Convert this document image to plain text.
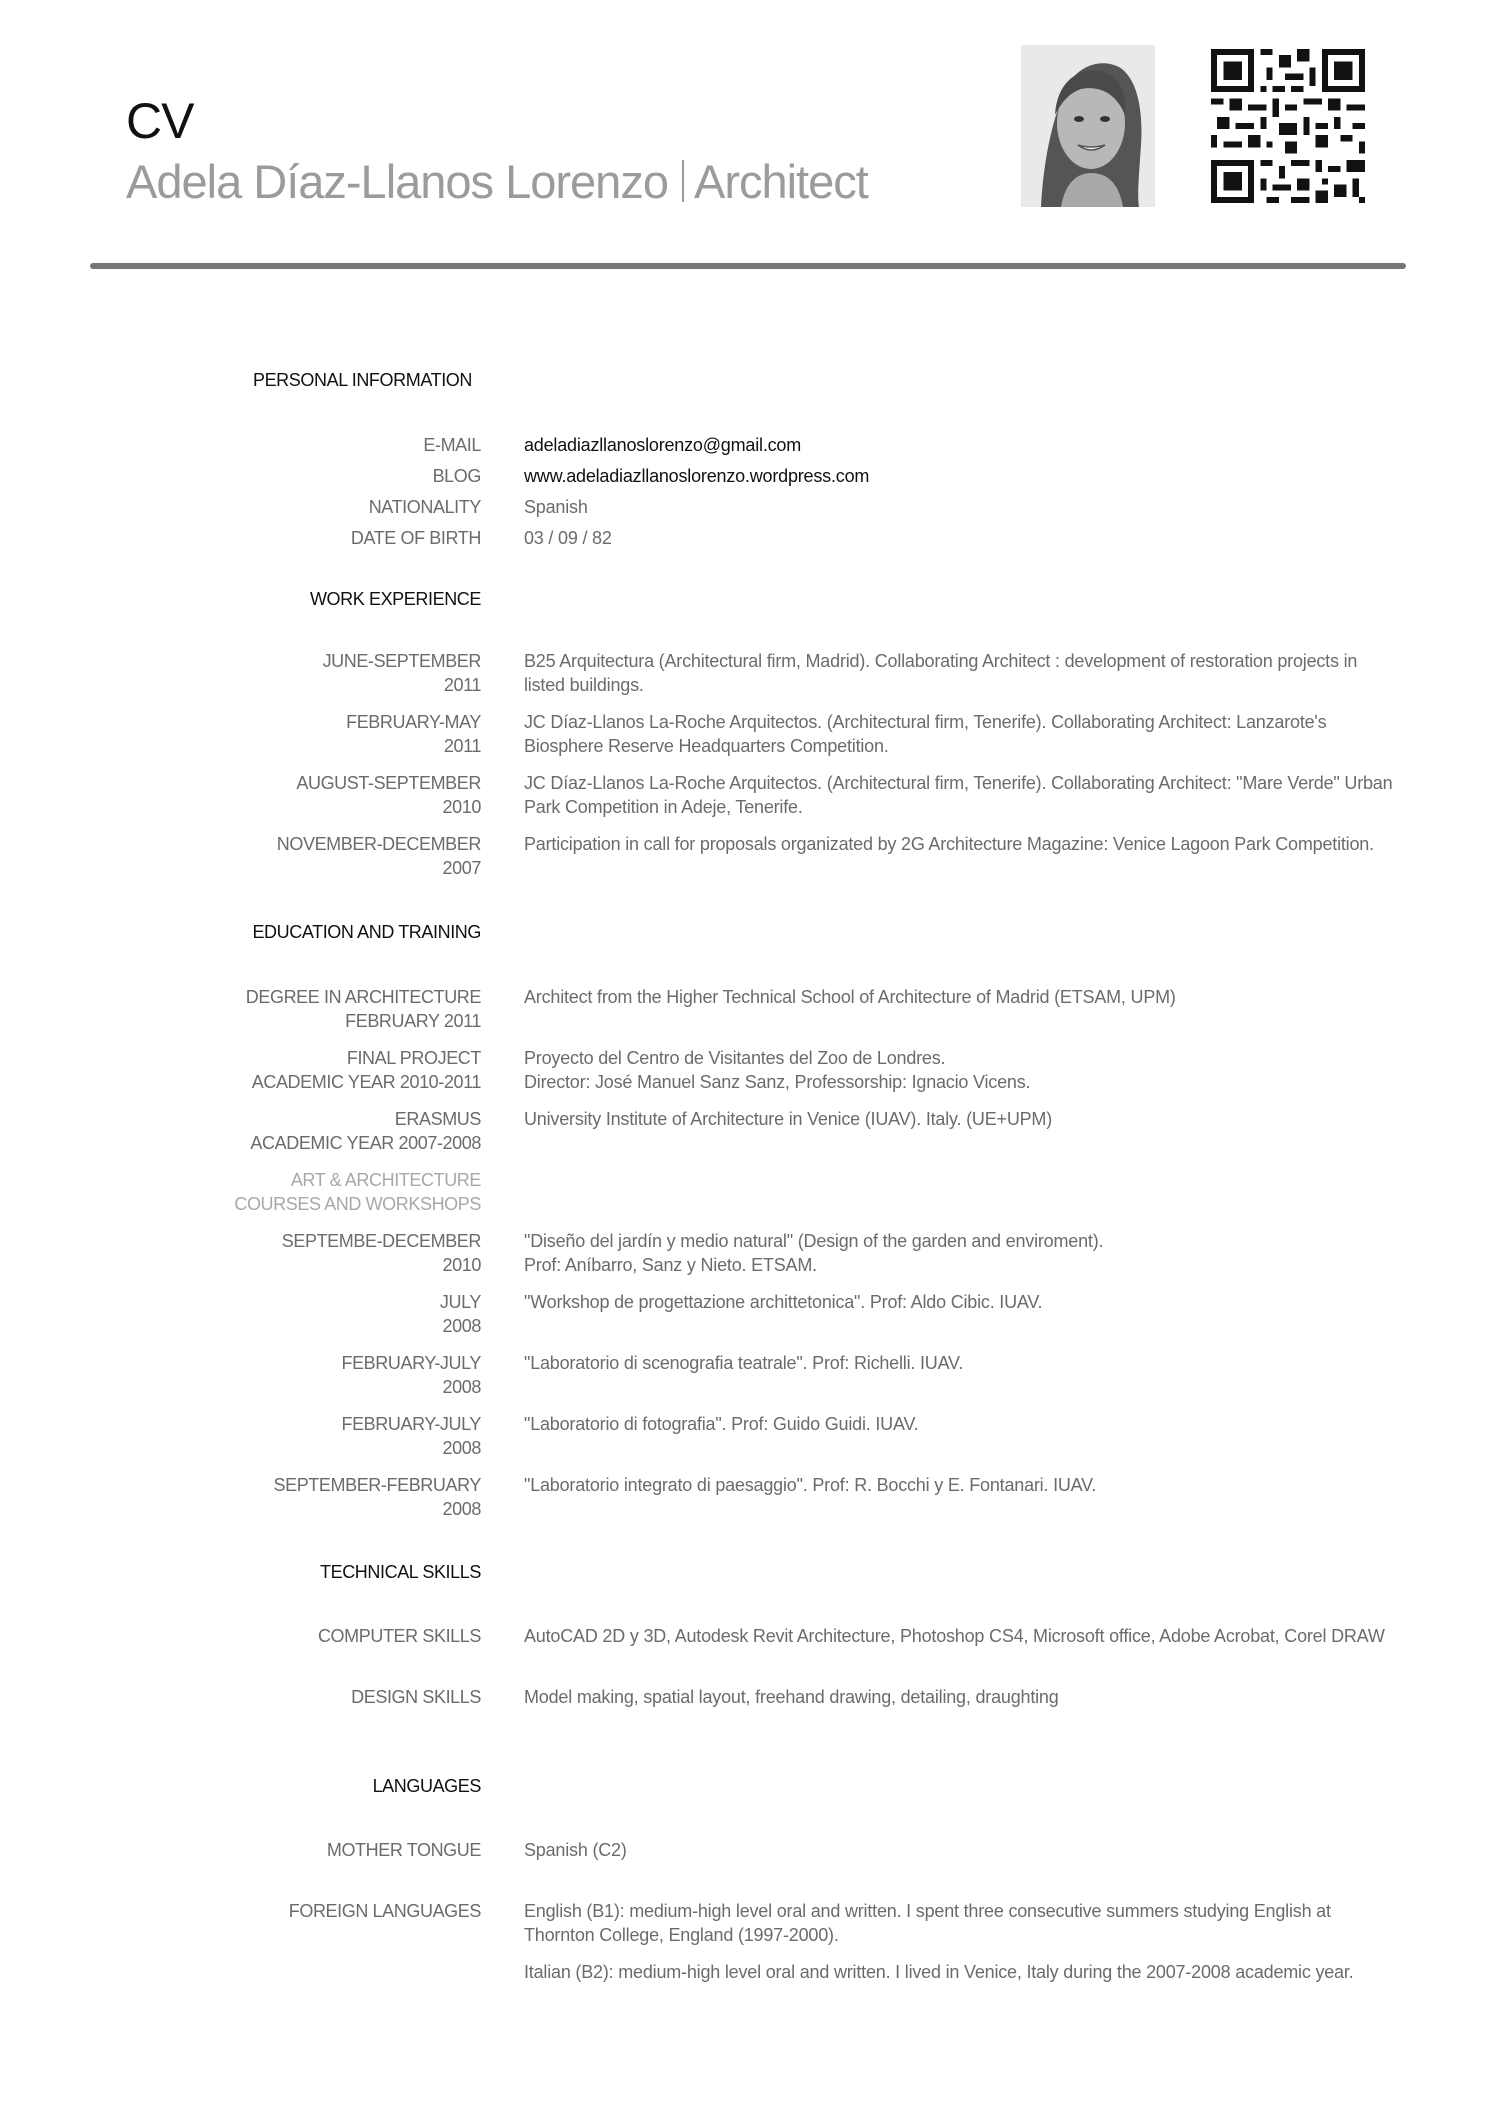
CV
Adela Díaz-Llanos Lorenzo Architect
PERSONAL INFORMATION
E-MAIL adeladiazllanoslorenzo@gmail.com
BLOG www.adeladiazllanoslorenzo.wordpress.com
NATIONALITY Spanish
DATE OF BIRTH 03 / 09 / 82
WORK EXPERIENCE
JUNE-SEPTEMBER
2011
B25 Arquitectura (Architectural firm, Madrid). Collaborating Architect : development of restoration projects in listed buildings.
FEBRUARY-MAY
2011
JC Díaz-Llanos La-Roche Arquitectos. (Architectural firm, Tenerife). Collaborating Architect: Lanzarote's Biosphere Reserve Headquarters Competition.
AUGUST-SEPTEMBER
2010
JC Díaz-Llanos La-Roche Arquitectos. (Architectural firm, Tenerife). Collaborating Architect: "Mare Verde" Urban Park Competition in Adeje, Tenerife.
NOVEMBER-DECEMBER
2007
Participation in call for proposals organizated by 2G Architecture Magazine: Venice Lagoon Park Competition.
EDUCATION AND TRAINING
DEGREE IN ARCHITECTURE
FEBRUARY 2011
Architect from the Higher Technical School of Architecture of Madrid (ETSAM, UPM)
FINAL PROJECT
ACADEMIC YEAR 2010-2011
Proyecto del Centro de Visitantes del Zoo de Londres.
Director: José Manuel Sanz Sanz, Professorship: Ignacio Vicens.
ERASMUS
ACADEMIC YEAR 2007-2008
University Institute of Architecture in Venice (IUAV). Italy. (UE+UPM)
ART & ARCHITECTURE
COURSES AND WORKSHOPS
SEPTEMBE-DECEMBER
2010
"Diseño del jardín y medio natural" (Design of the garden and enviroment).
Prof: Aníbarro, Sanz y Nieto. ETSAM.
JULY
2008
"Workshop de progettazione archittetonica". Prof: Aldo Cibic. IUAV.
FEBRUARY-JULY
2008
"Laboratorio di scenografia teatrale". Prof: Richelli. IUAV.
FEBRUARY-JULY
2008
"Laboratorio di fotografia". Prof: Guido Guidi. IUAV.
SEPTEMBER-FEBRUARY
2008
"Laboratorio integrato di paesaggio". Prof: R. Bocchi y E. Fontanari. IUAV.
TECHNICAL SKILLS
COMPUTER SKILLS AutoCAD 2D y 3D, Autodesk Revit Architecture, Photoshop CS4, Microsoft office, Adobe Acrobat, Corel DRAW
DESIGN SKILLS Model making, spatial layout, freehand drawing, detailing, draughting
LANGUAGES
MOTHER TONGUE Spanish (C2)
FOREIGN LANGUAGES English (B1): medium-high level oral and written. I spent three consecutive summers studying English at Thornton College, England (1997-2000).
Italian (B2): medium-high level oral and written. I lived in Venice, Italy during the 2007-2008 academic year.
